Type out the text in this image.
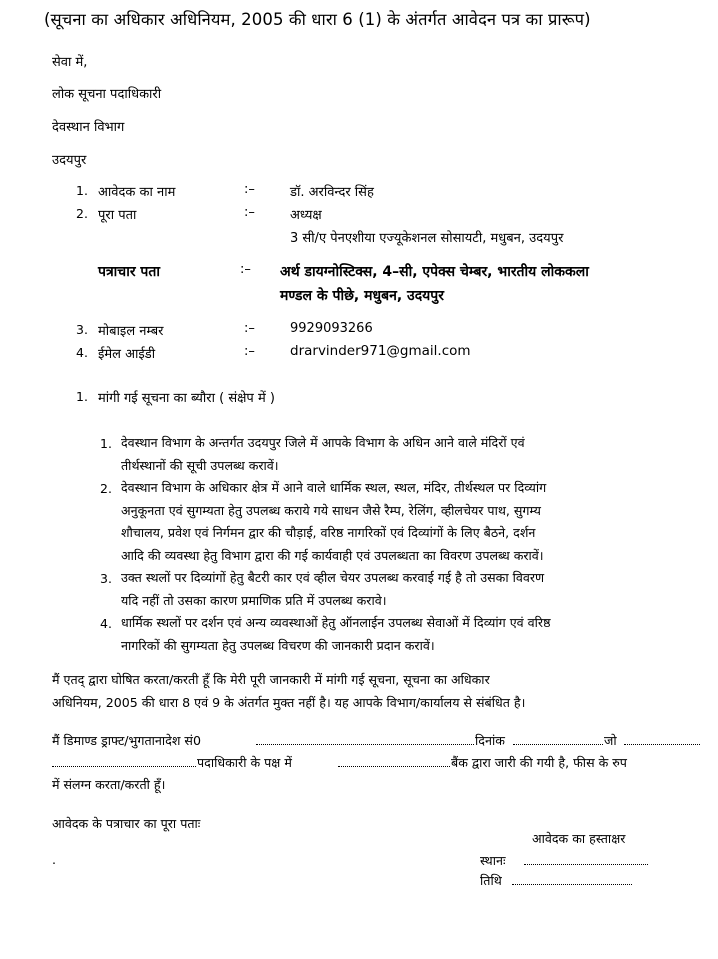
(सूचना का अधिकार अधिनियम, 2005 की धारा 6 (1) के अंतर्गत आवेदन पत्र का प्रारूप)
सेवा में,
लोक सूचना पदाधिकारी
देवस्थान विभाग
उदयपुर
1. आवेदक का नाम	:–	डॉ. अरविन्दर सिंह
2. पूरा पता	:–	अध्यक्ष
3 सी/ए पेनएशीया एज्यूकेशनल सोसायटी, मधुबन, उदयपुर
पत्राचार पता	:– अर्थ डायग्नोस्टिक्स, 4–सी, एपेक्स चेम्बर, भारतीय लोककला
मण्डल के पीछे, मधुबन, उदयपुर
3. मोबाइल नम्बर	:–	9929093266
4. ईमेल आईडी	:–	drarvinder971@gmail.com
1. मांगी गई सूचना का ब्यौरा ( संक्षेप में )
1. देवस्थान विभाग के अन्तर्गत उदयपुर जिले में आपके विभाग के अधिन आने वाले मंदिरों एवं
तीर्थस्थानों की सूची उपलब्ध करावें।
2. देवस्थान विभाग के अधिकार क्षेत्र में आने वाले धार्मिक स्थल, स्थल, मंदिर, तीर्थस्थल पर दिव्यांग
अनुकूनता एवं सुगम्यता हेतु उपलब्ध कराये गये साधन जैसे रैम्प, रेलिंग, व्हीलचेयर पाथ, सुगम्य
शौचालय, प्रवेश एवं निर्गमन द्वार की चौड़ाई, वरिष्ठ नागरिकों एवं दिव्यांगों के लिए बैठने, दर्शन
आदि की व्यवस्था हेतु विभाग द्वारा की गई कार्यवाही एवं उपलब्धता का विवरण उपलब्ध करावें।
3. उक्त स्थलों पर दिव्यांगों हेतु बैटरी कार एवं व्हील चेयर उपलब्ध करवाई गई है तो उसका विवरण
यदि नहीं तो उसका कारण प्रमाणिक प्रति में उपलब्ध करावे।
4. धार्मिक स्थलों पर दर्शन एवं अन्य व्यवस्थाओं हेतु ऑनलाईन उपलब्ध सेवाओं में दिव्यांग एवं वरिष्ठ
नागरिकों की सुगम्यता हेतु उपलब्ध विचरण की जानकारी प्रदान करावें।
मैं एतद् द्वारा घोषित करता/करती हूँ कि मेरी पूरी जानकारी में मांगी गई सूचना, सूचना का अधिकार
अधिनियम, 2005 की धारा 8 एवं 9 के अंतर्गत मुक्त नहीं है। यह आपके विभाग/कार्यालय से संबंधित है।
मैं डिमाण्ड ड्राफ्ट/भुगतानादेश सं0	दिनांक	जो
पदाधिकारी के पक्ष में	बैंक द्वारा जारी की गयी है, फीस के रुप
में संलग्न करता/करती हूँ।
आवेदक के पत्राचार का पूरा पताः
.
आवेदक का हस्ताक्षर
स्थानः
तिथि
